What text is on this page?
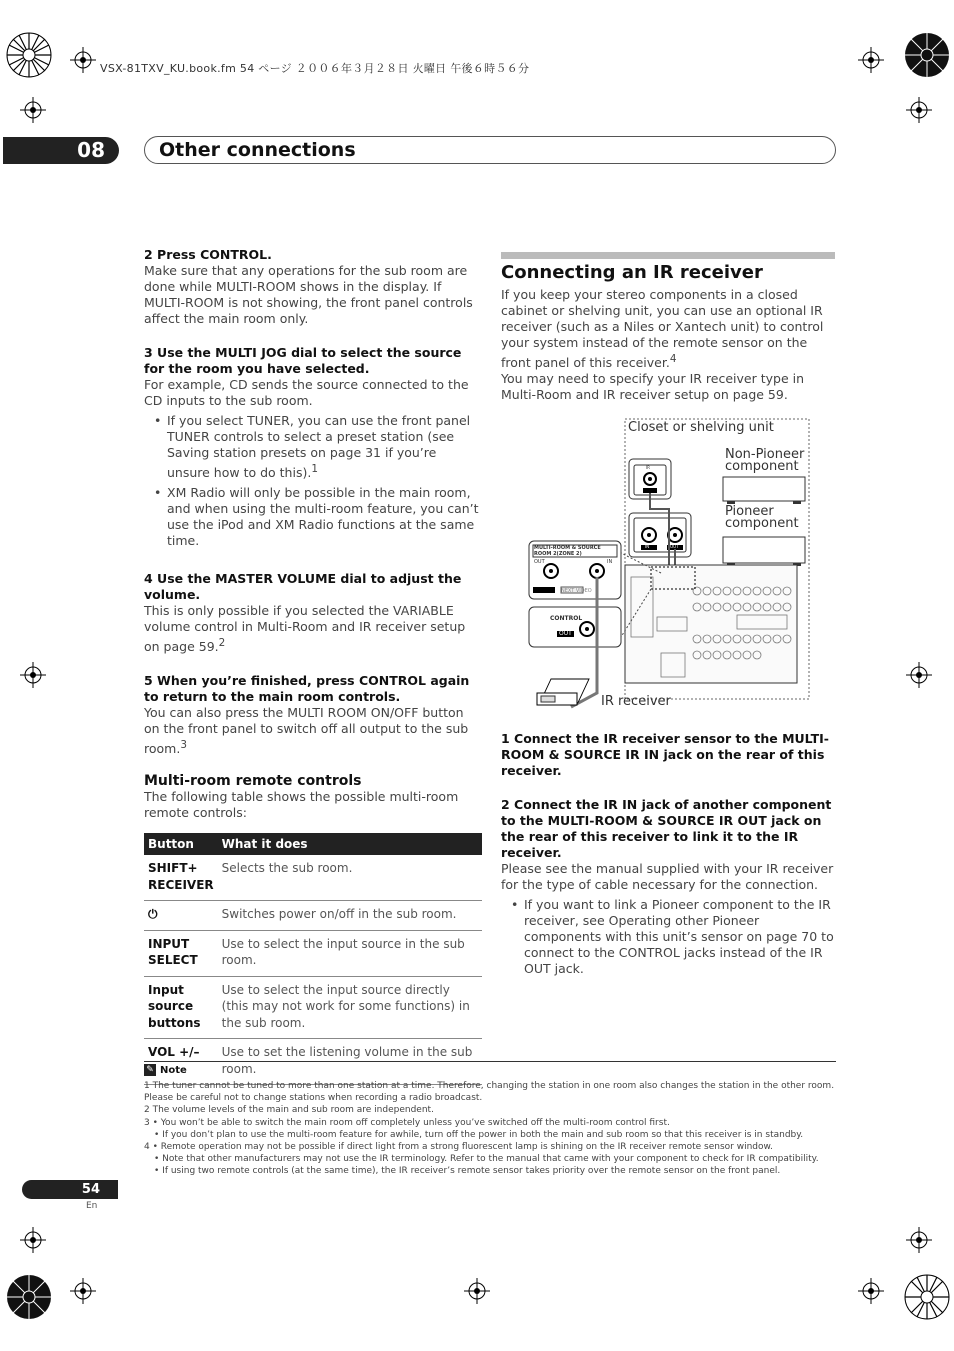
VSX-81TXV_KU.book.fm 54 ページ ２００６年３月２８日 火曜日 午後６時５６分
08	Other connections
2 Press CONTROL.

Make sure that any operations for the sub room are done while MULTI-ROOM shows in the display. If MULTI-ROOM is not showing, the front panel controls affect the main room only.

3 Use the MULTI JOG dial to select the source for the room you have selected.

For example, CD sends the source connected to the CD inputs to the sub room.

• If you select TUNER, you can use the front panel TUNER controls to select a preset station (see Saving station presets on page 31 if you’re unsure how to do this).$^1$
• XM Radio will only be possible in the main room, and when using the multi-room feature, you can’t use the iPod and XM Radio functions at the same time.
4 Use the MASTER VOLUME dial to adjust the volume.

This is only possible if you selected the VARIABLE volume control in Multi-Room and IR receiver setup on page 59.$^2$

5 When you’re finished, press CONTROL again to return to the main room controls.

You can also press the MULTI ROOM ON/OFF button on the front panel to switch off all output to the sub room.$^3$

Multi-room remote controls

The following table shows the possible multi-room remote controls:

Button	What it does
SHIFT+ RECEIVER	Selects the sub room.
⏻	Switches power on/off in the sub room.
INPUT SELECT	Use to select the input source in the sub room.
Input source buttons	Use to select the input source directly (this may not work for some functions) in the sub room.
VOL +/–	Use to set the listening volume in the sub room.
Connecting an IR receiver

If you keep your stereo components in a closed cabinet or shelving unit, you can use an optional IR receiver (such as a Niles or Xantech unit) to control your system instead of the remote sensor on the front panel of this receiver.$^4$

You may need to specify your IR receiver type in Multi-Room and IR receiver setup on page 59.

Closet or shelving unit
Non-Pioneer component
Pioneer component
IR receiver
MULTI-ROOM & SOURCE
ROOM 2(ZONE 2)
OUT	IN
NEXT VIDEO
CONTROL
OUT
IR
IN	OUT
1 Connect the IR receiver sensor to the MULTI-ROOM & SOURCE IR IN jack on the rear of this receiver.
2 Connect the IR IN jack of another component to the MULTI-ROOM & SOURCE IR OUT jack on the rear of this receiver to link it to the IR receiver.

Please see the manual supplied with your IR receiver for the type of cable necessary for the connection.

• If you want to link a Pioneer component to the IR receiver, see Operating other Pioneer components with this unit’s sensor on page 70 to connect to the CONTROL jacks instead of the IR OUT jack.
✎ Note
1 The tuner cannot be tuned to more than one station at a time. Therefore, changing the station in one room also changes the station in the other room.
Please be careful not to change stations when recording a radio broadcast.
2 The volume levels of the main and sub room are independent.
3 • You won’t be able to switch the main room off completely unless you’ve switched off the multi-room control first.
• If you don’t plan to use the multi-room feature for awhile, turn off the power in both the main and sub room so that this receiver is in standby.
4 • Remote operation may not be possible if direct light from a strong fluorescent lamp is shining on the IR receiver remote sensor window.
• Note that other manufacturers may not use the IR terminology. Refer to the manual that came with your component to check for IR compatibility.
• If using two remote controls (at the same time), the IR receiver’s remote sensor takes priority over the remote sensor on the front panel.
54
En
